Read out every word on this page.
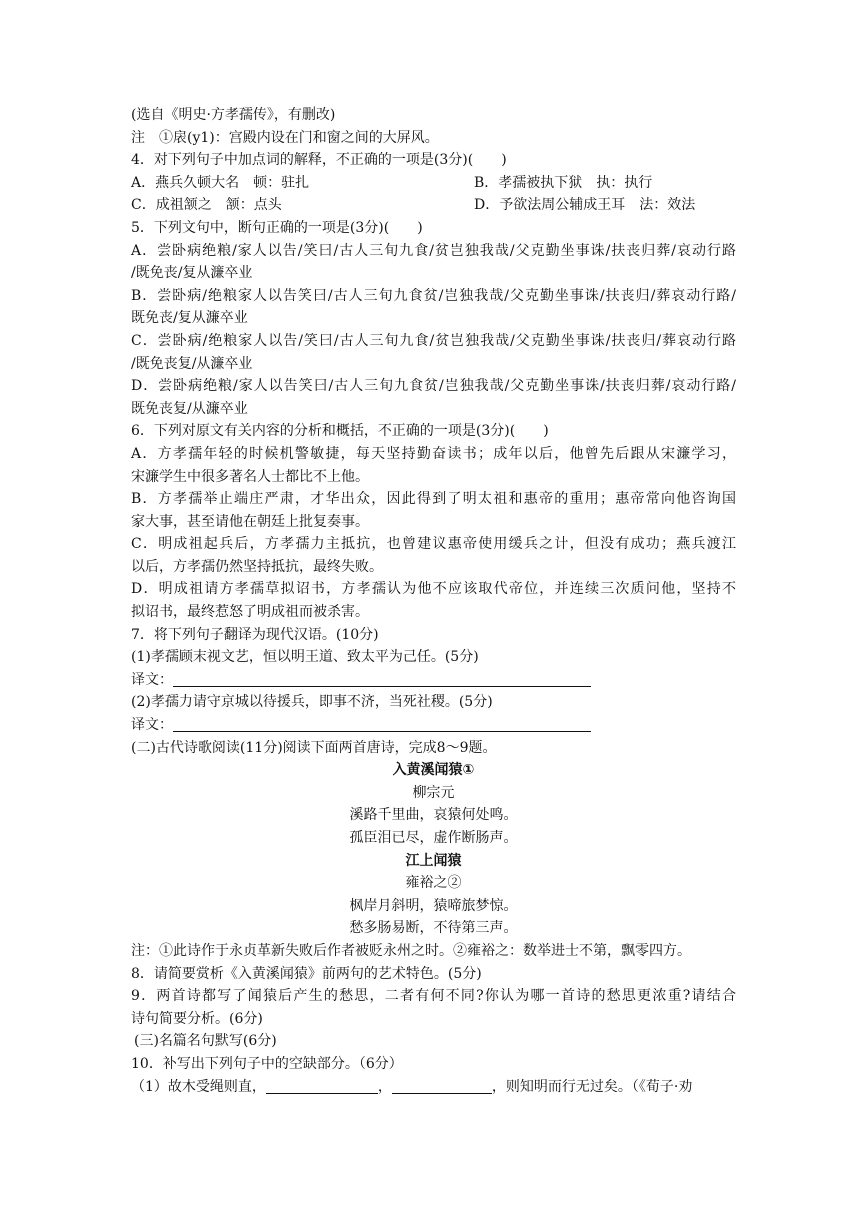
(选自《明史·方孝孺传》，有删改)
注　①扆(y1)：宫殿内设在门和窗之间的大屏风。
4．对下列句子中加点词的解释，不正确的一项是(3分)(　　)
A．燕兵久顿大名　顿：驻扎	B．孝孺被执下狱　执：执行
C．成祖颔之　颔：点头	D．予欲法周公辅成王耳　法：效法
5．下列文句中，断句正确的一项是(3分)(　　)
A．尝卧病绝粮/家人以告/笑曰/古人三旬九食/贫岂独我哉/父克勤坐事诛/扶丧归葬/哀动行路
/既免丧/复从濂卒业
B．尝卧病/绝粮家人以告笑曰/古人三旬九食贫/岂独我哉/父克勤坐事诛/扶丧归/葬哀动行路/
既免丧/复从濂卒业
C．尝卧病/绝粮家人以告/笑曰/古人三旬九食/贫岂独我哉/父克勤坐事诛/扶丧归/葬哀动行路
/既免丧复/从濂卒业
D．尝卧病绝粮/家人以告笑曰/古人三旬九食贫/岂独我哉/父克勤坐事诛/扶丧归葬/哀动行路/
既免丧复/从濂卒业
6．下列对原文有关内容的分析和概括，不正确的一项是(3分)(　　)
A．方孝孺年轻的时候机警敏捷，每天坚持勤奋读书；成年以后，他曾先后跟从宋濂学习，
宋濂学生中很多著名人士都比不上他。
B．方孝孺举止端庄严肃，才华出众，因此得到了明太祖和惠帝的重用；惠帝常向他咨询国
家大事，甚至请他在朝廷上批复奏事。
C．明成祖起兵后，方孝孺力主抵抗，也曾建议惠帝使用缓兵之计，但没有成功；燕兵渡江
以后，方孝孺仍然坚持抵抗，最终失败。
D．明成祖请方孝孺草拟诏书，方孝孺认为他不应该取代帝位，并连续三次质问他，坚持不
拟诏书，最终惹怒了明成祖而被杀害。
7．将下列句子翻译为现代汉语。(10分)
(1)孝孺顾末视文艺，恒以明王道、致太平为己任。(5分)
译文：
(2)孝孺力请守京城以待援兵，即事不济，当死社稷。(5分)
译文：
(二)古代诗歌阅读(11分)阅读下面两首唐诗，完成8～9题。
入黄溪闻猿①
柳宗元
溪路千里曲，哀猿何处鸣。
孤臣泪已尽，虚作断肠声。
江上闻猿
雍裕之②
枫岸月斜明，猿啼旅梦惊。
愁多肠易断，不待第三声。
注：①此诗作于永贞革新失败后作者被贬永州之时。②雍裕之：数举进士不第，飘零四方。
8．请简要赏析《入黄溪闻猿》前两句的艺术特色。(5分)
9．两首诗都写了闻猿后产生的愁思，二者有何不同?你认为哪一首诗的愁思更浓重?请结合
诗句简要分析。(6分)
(三)名篇名句默写(6分)
10．补写出下列句子中的空缺部分。（6分）
（1）故木受绳则直，	，	，则知明而行无过矣。（《荀子·劝
